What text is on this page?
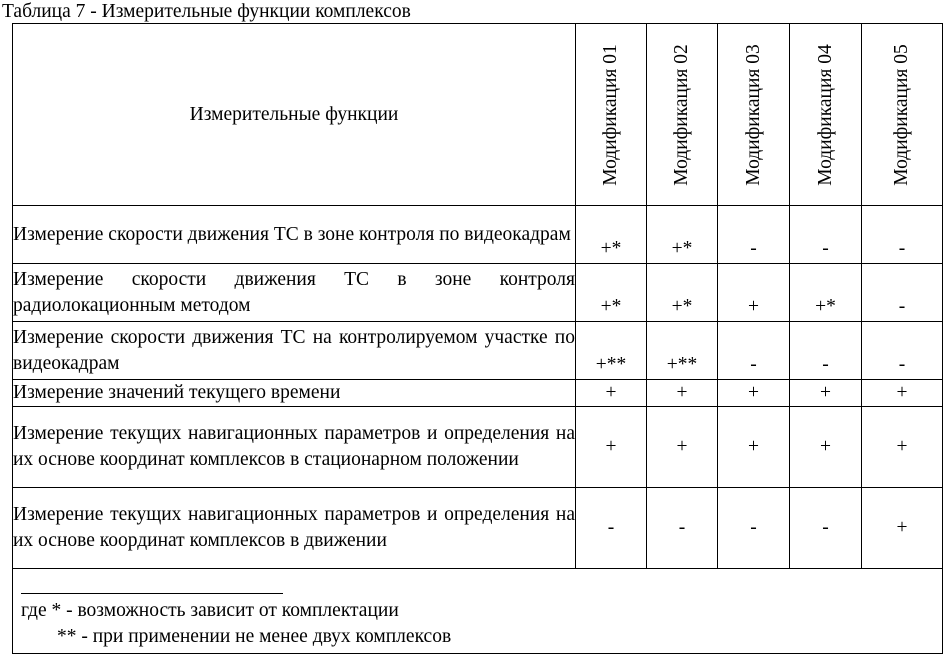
Таблица 7 - Измерительные функции комплексов
Измерительные функции	Модификация 01	Модификация 02	Модификация 03	Модификация 04	Модификация 05

Измерение скорости движения ТС в зоне контроля по видеокадрам	+*	+*	-	-	-
Измерение скорости движения ТС в зоне контроля радиолокационным методом	+*	+*	+	+*	-
Измерение скорости движения ТС на контролируемом участке по видеокадрам	+**	+**	-	-	-
Измерение значений текущего времени	+	+	+	+	+
Измерение текущих навигационных параметров и определения на их основе координат комплексов в стационарном положении	+	+	+	+	+
Измерение текущих навигационных параметров и определения на их основе координат комплексов в движении	-	-	-	-	+

где * - возможность зависит от комплектации
** - при применении не менее двух комплексов					
